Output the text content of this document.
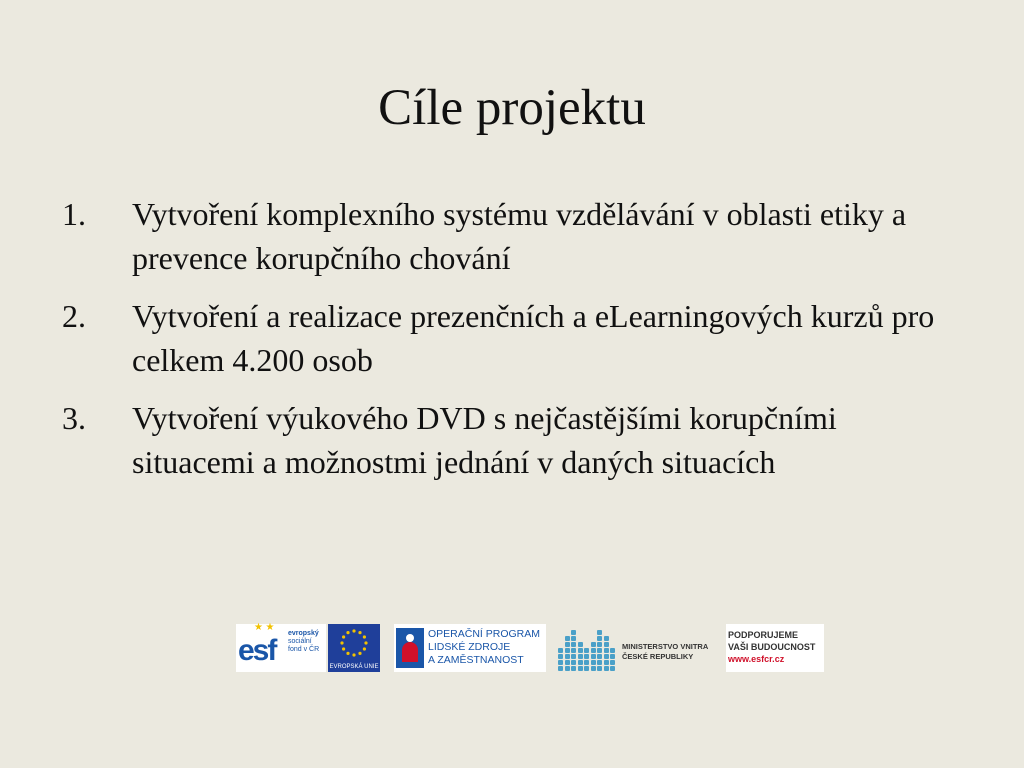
Cíle projektu
1.	Vytvoření komplexního systému vzdělávání v oblasti etiky a prevence korupčního chování
2.	Vytvoření a realizace prezenčních a eLearningových kurzů pro celkem 4.200 osob
3.	Vytvoření výukového DVD s nejčastějšími korupčními situacemi a možnostmi jednání v daných situacích
★ ★
esf
evropský
sociální
fond v ČR
EVROPSKÁ UNIE
OPERAČNÍ PROGRAM
LIDSKÉ ZDROJE
A ZAMĚSTNANOST
MINISTERSTVO VNITRA
ČESKÉ REPUBLIKY
PODPORUJEME
VAŠI BUDOUCNOST
www.esfcr.cz
